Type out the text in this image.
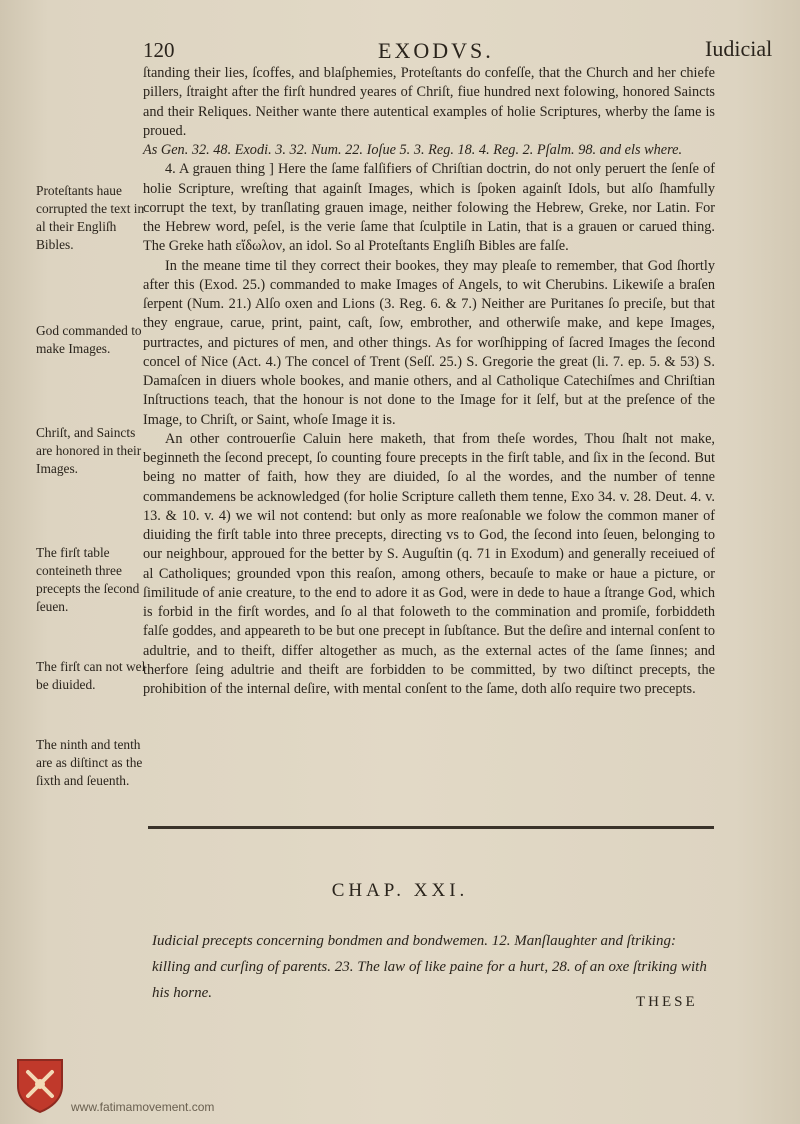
120	EXODVS.	Iudicial

ſtanding their lies, ſcoffes, and blaſphemies, Proteſtants do confeſſe, that the Church and her chiefe pillers, ſtraight after the firſt hundred yeares of Chriſt, fiue hundred next folowing, honored Saincts and their Reliques. Neither wante there autentical examples of holie Scriptures, wherby the ſame is proued.

As Gen. 32. 48. Exodi. 3. 32. Num. 22. Ioſue 5. 3. Reg. 18. 4. Reg. 2. Pſalm. 98. and els where.

4. A grauen thing ] Here the ſame falſifiers of Chriſtian doctrin, do not only peruert the ſenſe of holie Scripture, wreſting that againſt Images, which is ſpoken againſt Idols, but alſo ſhamfully corrupt the text, by tranſlating grauen image, neither folowing the Hebrew, Greke, nor Latin. For the Hebrew word, peſel, is the verie ſame that ſculptile in Latin, that is a grauen or carued thing. The Greke hath εἴδωλον, an idol. So al Proteſtants Engliſh Bibles are falſe.

In the meane time til they correct their bookes, they may pleaſe to remember, that God ſhortly after this (Exod. 25.) commanded to make Images of Angels, to wit Cherubins. Likewiſe a braſen ſerpent (Num. 21.) Alſo oxen and Lions (3. Reg. 6. & 7.) Neither are Puritanes ſo preciſe, but that they engraue, carue, print, paint, caſt, ſow, embrother, and otherwiſe make, and kepe Images, purtractes, and pictures of men, and other things. As for worſhipping of ſacred Images the ſecond concel of Nice (Act. 4.) The concel of Trent (Seſſ. 25.) S. Gregorie the great (li. 7. ep. 5. & 53) S. Damaſcen in diuers whole bookes, and manie others, and al Catholique Catechiſmes and Chriſtian Inſtructions teach, that the honour is not done to the Image for it ſelf, but at the preſence of the Image, to Chriſt, or Saint, whoſe Image it is.

An other controuerſie Caluin here maketh, that from theſe wordes, Thou ſhalt not make, beginneth the ſecond precept, ſo counting foure precepts in the firſt table, and ſix in the ſecond. But being no matter of faith, how they are diuided, ſo al the wordes, and the number of tenne commandemens be acknowledged (for holie Scripture calleth them tenne, Exo 34. v. 28. Deut. 4. v. 13. & 10. v. 4) we wil not contend: but only as more reaſonable we folow the common maner of diuiding the firſt table into three precepts, directing vs to God, the ſecond into ſeuen, belonging to our neighbour, approued for the better by S. Auguſtin (q. 71 in Exodum) and generally receiued of al Catholiques; grounded vpon this reaſon, among others, becauſe to make or haue a picture, or ſimilitude of anie creature, to the end to adore it as God, were in dede to haue a ſtrange God, which is forbid in the firſt wordes, and ſo al that foloweth to the commination and promiſe, forbiddeth falſe goddes, and appeareth to be but one precept in ſubſtance. But the deſire and internal conſent to adultrie, and to theift, differ altogether as much, as the external actes of the ſame ſinnes; and therfore ſeing adultrie and theift are forbidden to be committed, by two diſtinct precepts, the prohibition of the internal deſire, with mental conſent to the ſame, doth alſo require two precepts.

Proteſtants haue corrupted the text in al their Engliſh Bibles.
God commanded to make Images.
Chriſt, and Saincts are honored in their Images.
The firſt table conteineth three precepts the ſecond ſeuen.
The firſt can not wel be diuided.
The ninth and tenth are as diſtinct as the ſixth and ſeuenth.
CHAP. XXI.
Iudicial precepts concerning bondmen and bondwemen. 12. Manſlaughter and ſtriking: killing and curſing of parents. 23. The law of like paine for a hurt, 28. of an oxe ſtriking with his horne.
THESE
www.fatimamovement.com
